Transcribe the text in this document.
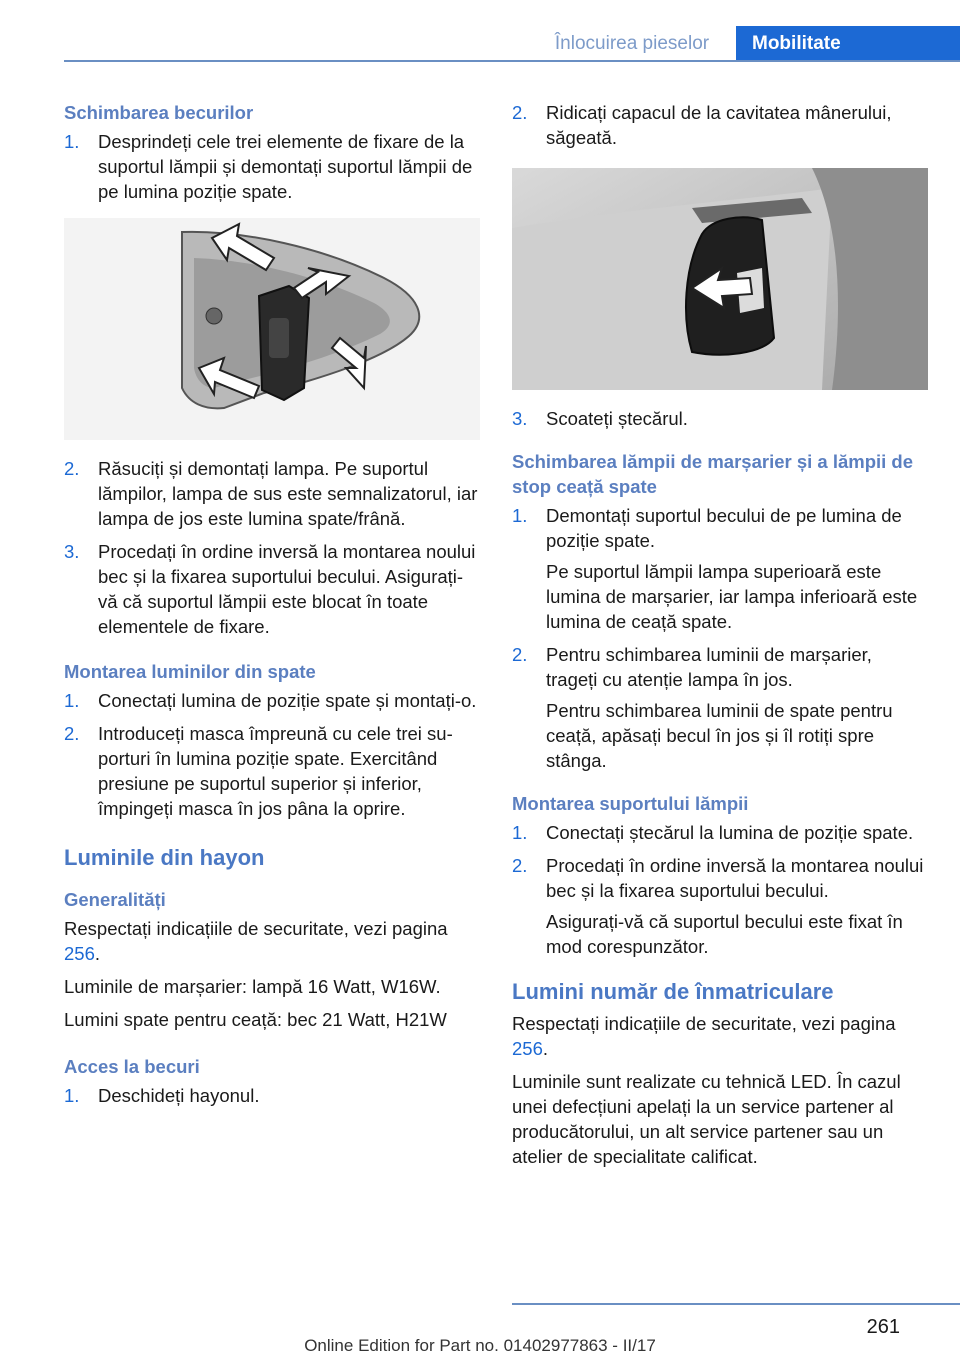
Înlocuirea pieselor	Mobilitate
Schimbarea becurilor
1. Desprindeți cele trei elemente de fixare de la suportul lămpii și demontați suportul lămpii de pe lumina poziție spate.
2. Răsuciți și demontați lampa. Pe suportul lămpilor, lampa de sus este semnalizatorul, iar lampa de jos este lumina spate/frână.
3. Procedați în ordine inversă la montarea noului bec și la fixarea suportului becului. Asigurați-vă că suportul lămpii este blocat în toate elementele de fixare.
Montarea luminilor din spate
1. Conectați lumina de poziție spate și montați-o.
2. Introduceți masca împreună cu cele trei suporturi în lumina poziție spate. Exercitând presiune pe suportul superior și inferior, împingeți masca în jos pâna la oprire.
Luminile din hayon
Generalități

Respectați indicațiile de securitate, vezi pagina 256.

Luminile de marșarier: lampă 16 Watt, W16W.

Lumini spate pentru ceață: bec 21 Watt, H21W

Acces la becuri
1. Deschideți hayonul.
2. Ridicați capacul de la cavitatea mânerului, săgeată.
3. Scoateți ștecărul.
Schimbarea lămpii de marșarier și a lămpii de stop ceață spate
1. Demontați suportul becului de pe lumina de poziție spate.
Pe suportul lămpii lampa superioară este lumina de marșarier, iar lampa inferioară este lumina de ceață spate.
2. Pentru schimbarea luminii de marșarier, trageți cu atenție lampa în jos.
Pentru schimbarea luminii de spate pentru ceață, apăsați becul în jos și îl rotiți spre stânga.
Montarea suportului lămpii
1. Conectați ștecărul la lumina de poziție spate.
2. Procedați în ordine inversă la montarea noului bec și la fixarea suportului becului.
Asigurați-vă că suportul becului este fixat în mod corespunzător.
Lumini număr de înmatriculare

Respectați indicațiile de securitate, vezi pagina 256.

Luminile sunt realizate cu tehnică LED. În cazul unei defecțiuni apelați la un service partener al producătorului, un alt service partener sau un atelier de specialitate calificat.

261
Online Edition for Part no. 01402977863 - II/17
